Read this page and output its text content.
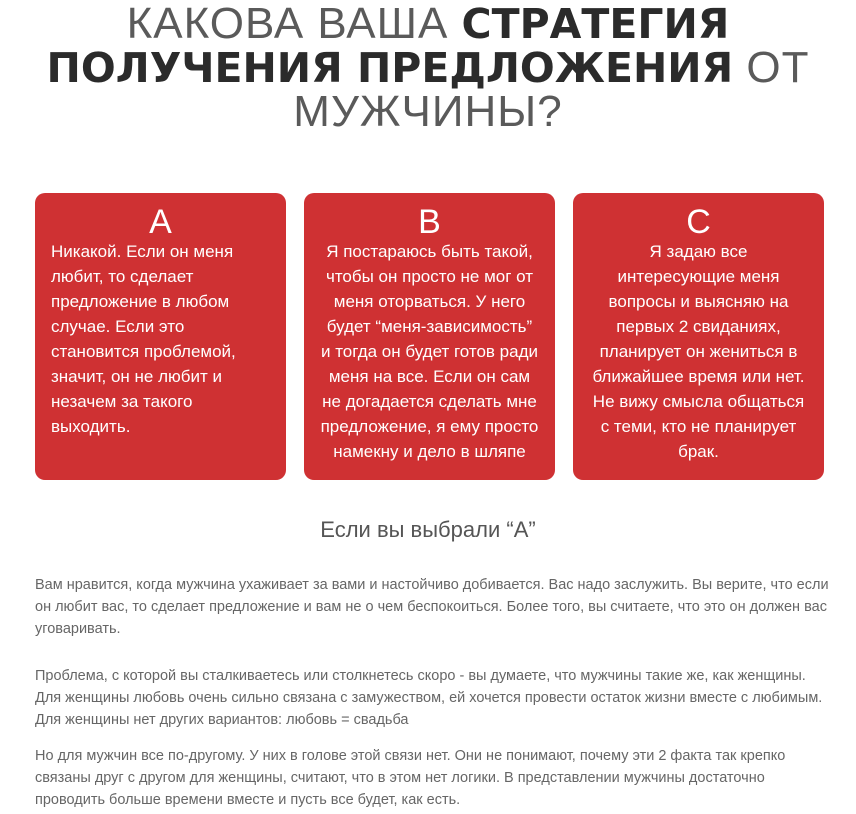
КАКОВА ВАША СТРАТЕГИЯ
ПОЛУЧЕНИЯ ПРЕДЛОЖЕНИЯ ОТ
МУЖЧИНЫ?
A
Никакой. Если он меня любит, то сделает предложение в любом случае. Если это становится проблемой, значит, он не любит и незачем за такого выходить.
B
Я постараюсь быть такой, чтобы он просто не мог от меня оторваться. У него будет “меня-зависимость” и тогда он будет готов ради меня на все. Если он сам не догадается сделать мне предложение, я ему просто намекну и дело в шляпе
C
Я задаю все интересующие меня вопросы и выясняю на первых 2 свиданиях, планирует он жениться в ближайшее время или нет. Не вижу смысла общаться с теми, кто не планирует брак.
Если вы выбрали “A”

Вам нравится, когда мужчина ухаживает за вами и настойчиво добивается. Вас надо заслужить. Вы верите, что если он любит вас, то сделает предложение и вам не о чем беспокоиться. Более того, вы считаете, что это он должен вас уговаривать.

Проблема, с которой вы сталкиваетесь или столкнетесь скоро - вы думаете, что мужчины такие же, как женщины. Для женщины любовь очень сильно связана с замужеством, ей хочется провести остаток жизни вместе с любимым. Для женщины нет других вариантов: любовь = свадьба

Но для мужчин все по-другому. У них в голове этой связи нет. Они не понимают, почему эти 2 факта так крепко связаны друг с другом для женщины, считают, что в этом нет логики. В представлении мужчины достаточно проводить больше времени вместе и пусть все будет, как есть.
